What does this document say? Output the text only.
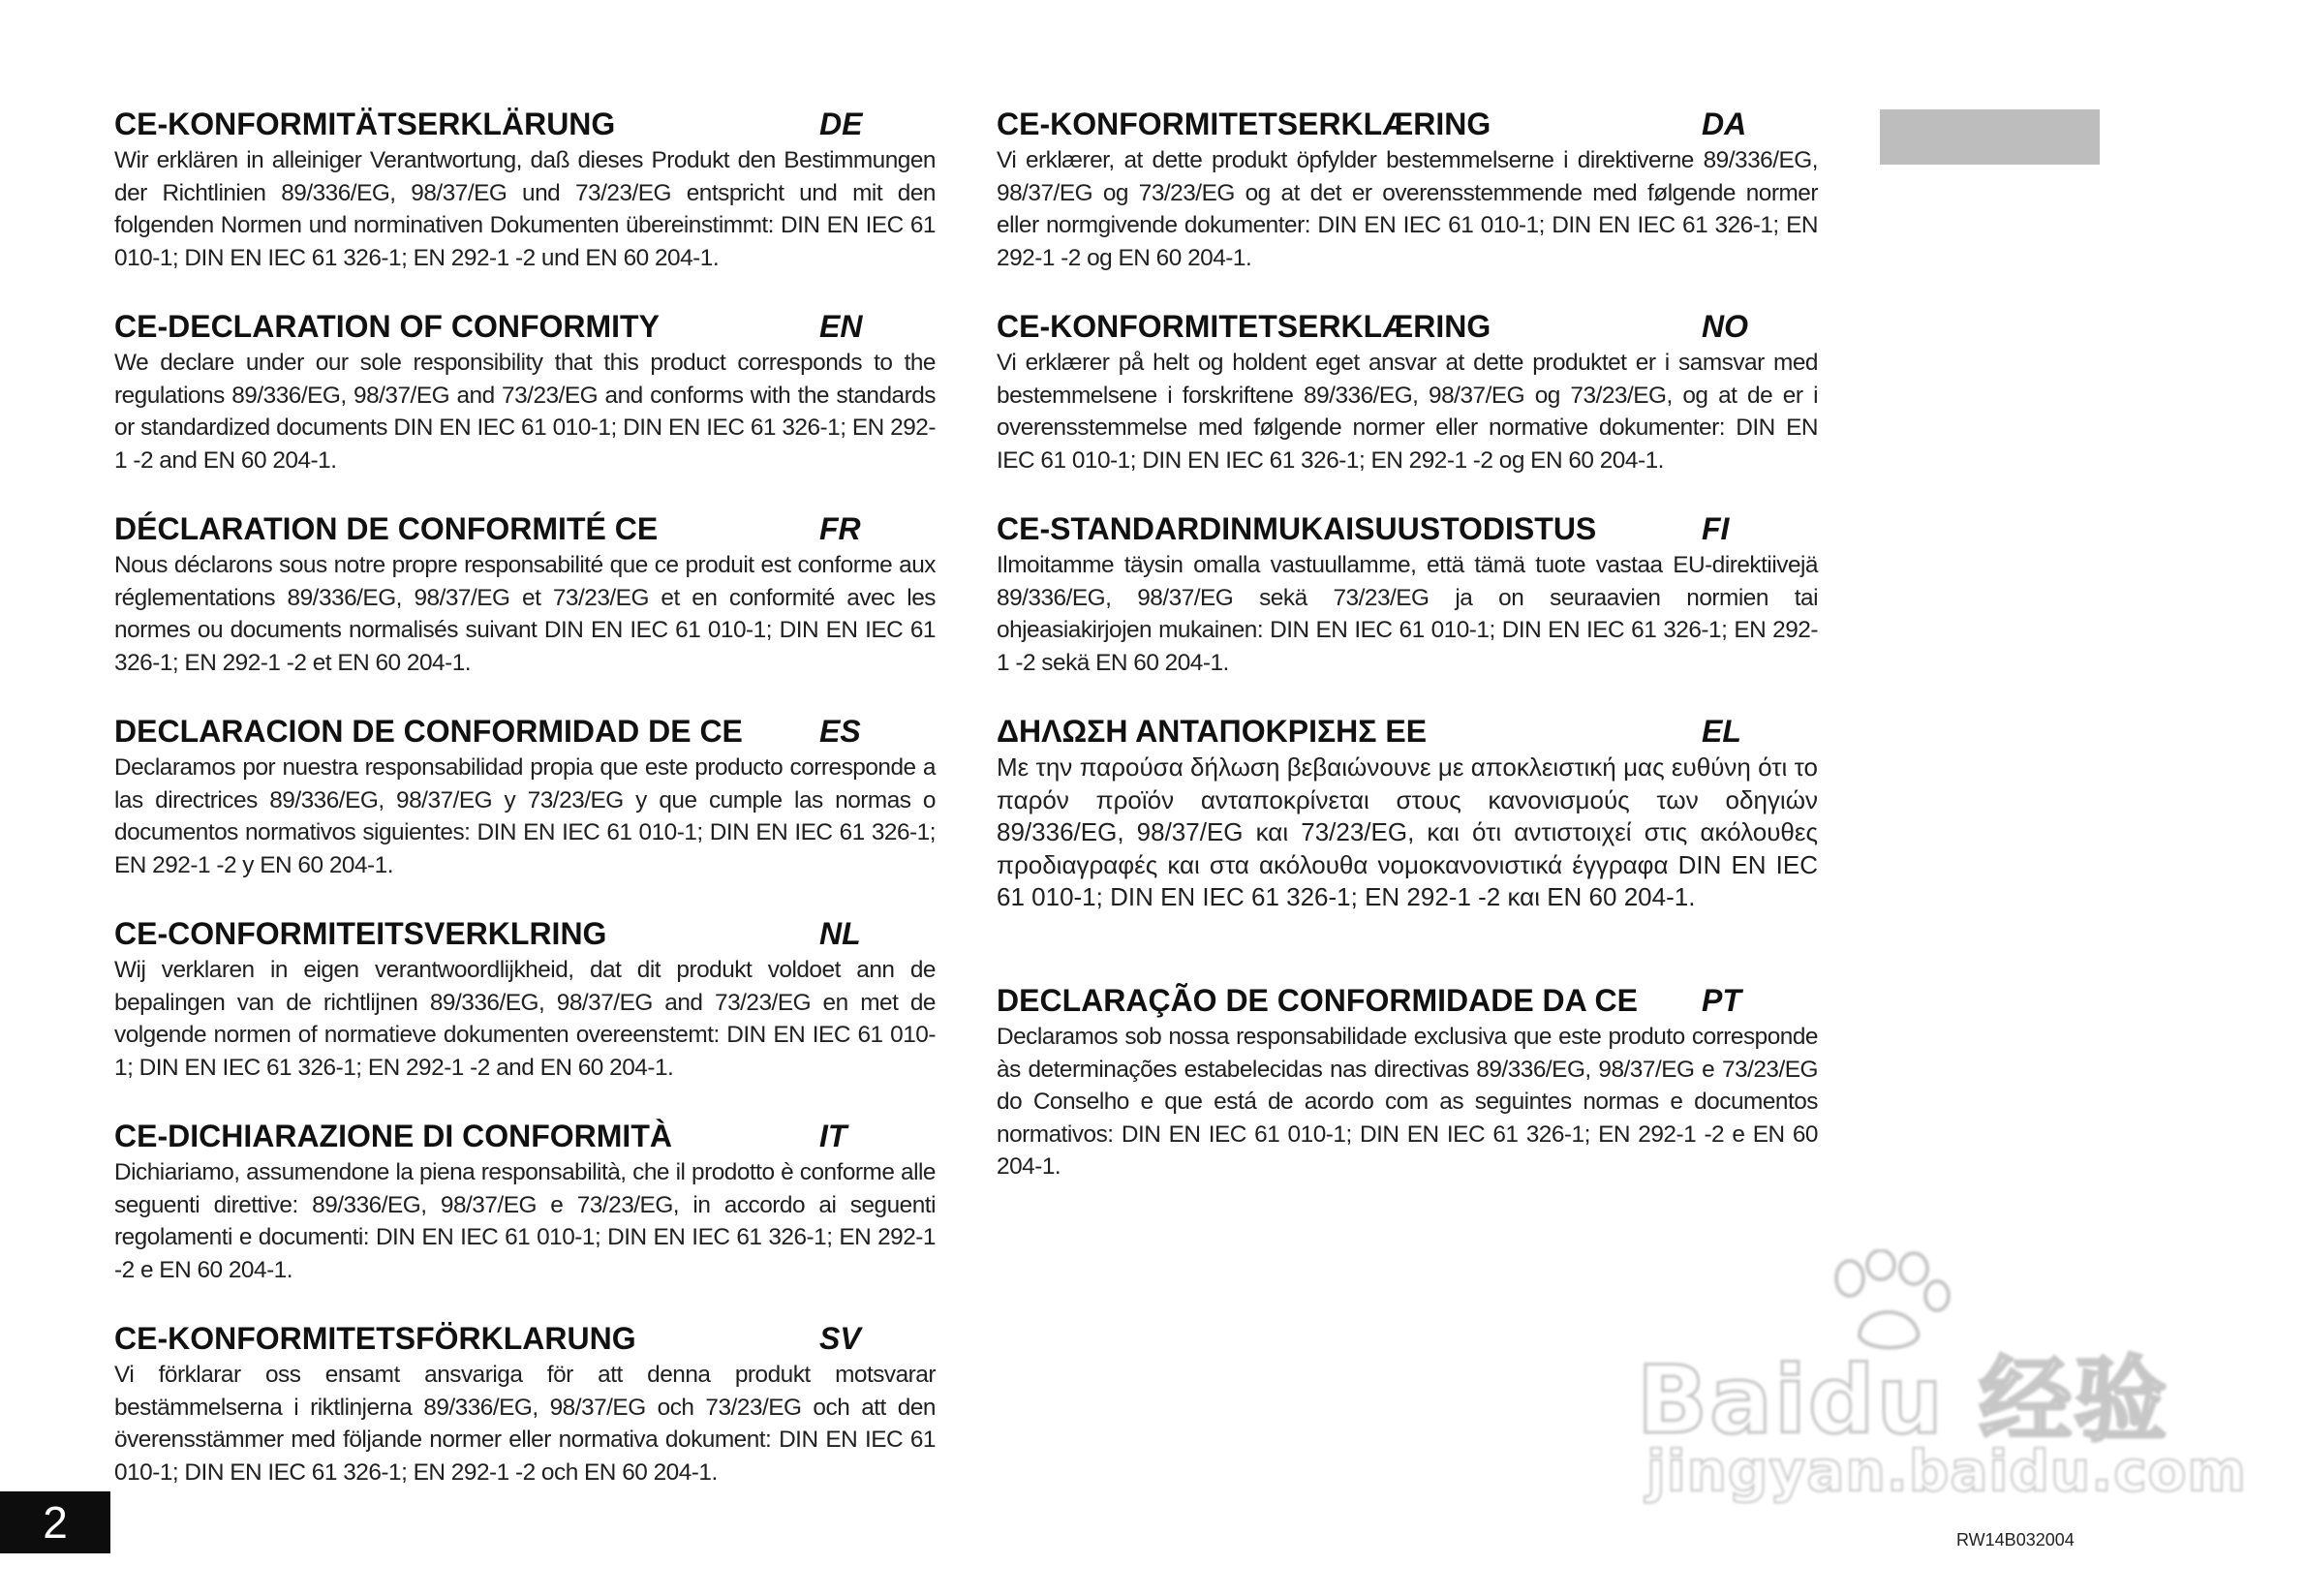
CE-KONFORMITÄTSERKLÄRUNG	DE
Wir erklären in alleiniger Verantwortung, daß dieses Produkt den Bestimmungen der Richtlinien 89/336/EG, 98/37/EG und 73/23/EG entspricht und mit den folgenden Normen und norminativen Dokumenten übereinstimmt: DIN EN IEC 61 010-1; DIN EN IEC 61 326-1; EN 292-1 -2 und EN 60 204-1.
CE-DECLARATION OF CONFORMITY	EN
We declare under our sole responsibility that this product corresponds to the regulations 89/336/EG, 98/37/EG and 73/23/EG and conforms with the standards or standardized documents DIN EN IEC 61 010-1; DIN EN IEC 61 326-1; EN 292-1 -2 and EN 60 204-1.
DÉCLARATION DE CONFORMITÉ CE	FR
Nous déclarons sous notre propre responsabilité que ce produit est conforme aux réglementations 89/336/EG, 98/37/EG et 73/23/EG et en conformité avec les normes ou documents normalisés suivant DIN EN IEC 61 010-1; DIN EN IEC 61 326-1; EN 292-1 -2 et EN 60 204-1.
DECLARACION DE CONFORMIDAD DE CE ES
Declaramos por nuestra responsabilidad propia que este producto corresponde a las directrices 89/336/EG, 98/37/EG y 73/23/EG y que cumple las normas o documentos normativos siguientes: DIN EN IEC 61 010-1; DIN EN IEC 61 326-1; EN 292-1 -2 y EN 60 204-1.
CE-CONFORMITEITSVERKLRING	NL
Wij verklaren in eigen verantwoordlijkheid, dat dit produkt voldoet ann de bepalingen van de richtlijnen 89/336/EG, 98/37/EG and 73/23/EG en met de volgende normen of normatieve dokumenten overeenstemt: DIN EN IEC 61 010-1; DIN EN IEC 61 326-1; EN 292-1 -2 and EN 60 204-1.
CE-DICHIARAZIONE DI CONFORMITÀ	IT
Dichiariamo, assumendone la piena responsabilità, che il prodotto è conforme alle seguenti direttive: 89/336/EG, 98/37/EG e 73/23/EG, in accordo ai seguenti regolamenti e documenti: DIN EN IEC 61 010-1; DIN EN IEC 61 326-1; EN 292-1 -2 e EN 60 204-1.
CE-KONFORMITETSFÖRKLARUNG	SV
Vi förklarar oss ensamt ansvariga för att denna produkt motsvarar bestämmelserna i riktlinjerna 89/336/EG, 98/37/EG och 73/23/EG och att den överensstämmer med följande normer eller normativa dokument: DIN EN IEC 61 010-1; DIN EN IEC 61 326-1; EN 292-1 -2 och EN 60 204-1.
CE-KONFORMITETSERKLÆRING	DA
Vi erklærer, at dette produkt öpfylder bestemmelserne i direktiverne 89/336/EG, 98/37/EG og 73/23/EG og at det er overensstemmende med følgende normer eller normgivende dokumenter: DIN EN IEC 61 010-1; DIN EN IEC 61 326-1; EN 292-1 -2 og EN 60 204-1.
CE-KONFORMITETSERKLÆRING	NO
Vi erklærer på helt og holdent eget ansvar at dette produktet er i samsvar med bestemmelsene i forskriftene 89/336/EG, 98/37/EG og 73/23/EG, og at de er i overensstemmelse med følgende normer eller normative dokumenter: DIN EN IEC 61 010-1; DIN EN IEC 61 326-1; EN 292-1 -2 og EN 60 204-1.
CE-STANDARDINMUKAISUUSTODISTUS	FI
Ilmoitamme täysin omalla vastuullamme, että tämä tuote vastaa EU-direktiivejä 89/336/EG, 98/37/EG sekä 73/23/EG ja on seuraavien normien tai ohjeasiakirjojen mukainen: DIN EN IEC 61 010-1; DIN EN IEC 61 326-1; EN 292-1 -2 sekä EN 60 204-1.
ΔΗΛΩΣΗ ΑΝΤΑΠΟΚΡΙΣΗΣ ΕΕ	EL
Με την παρούσα δήλωση βεβαιώνουνε με αποκλειστική μας ευθύνη ότι το παρόν προϊόν ανταποκρίνεται στους κανονισμούς των οδηγιών 89/336/EG, 98/37/EG και 73/23/EG, και ότι αντιστοιχεί στις ακόλουθες προδιαγραφές και στα ακόλουθα νομοκανονιστικά έγγραφα DIN EN IEC 61 010-1; DIN EN IEC 61 326-1; EN 292-1 -2 και EN 60 204-1.
DECLARAÇÃO DE CONFORMIDADE DA CE PT
Declaramos sob nossa responsabilidade exclusiva que este produto corresponde às determinações estabelecidas nas directivas 89/336/EG, 98/37/EG e 73/23/EG do Conselho e que está de acordo com as seguintes normas e documentos normativos: DIN EN IEC 61 010-1; DIN EN IEC 61 326-1; EN 292-1 -2 e EN 60 204-1.
Baidu 经验
jingyan.baidu.com
2	RW14B032004
